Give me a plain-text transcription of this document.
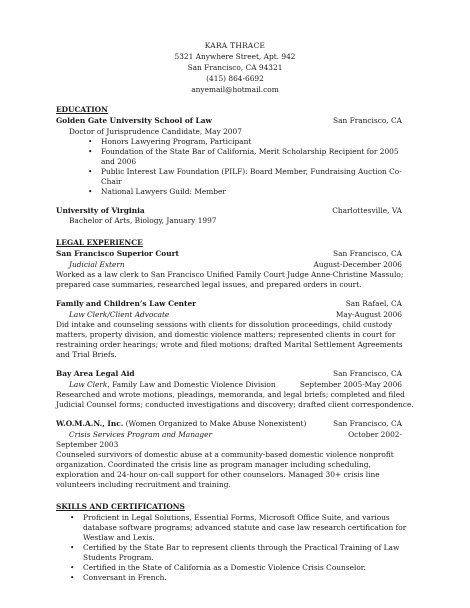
KARA THRACE
5321 Anywhere Street, Apt. 942
San Francisco, CA 94321
(415) 864-6692
anyemail@hotmail.com
EDUCATION
Golden Gate University School of Law	San Francisco, CA
Doctor of Jurisprudence Candidate, May 2007
• Honors Lawyering Program, Participant
• Foundation of the State Bar of California, Merit Scholarship Recipient for 2005 and 2006
• Public Interest Law Foundation (PILF): Board Member, Fundraising Auction Co-Chair
• National Lawyers Guild: Member
University of Virginia	Charlottesville, VA
Bachelor of Arts, Biology, January 1997
LEGAL EXPERIENCE
San Francisco Superior Court	San Francisco, CA
Judicial Extern	August-December 2006
Worked as a law clerk to San Francisco Unified Family Court Judge Anne-Christine Massulo; prepared case summaries, researched legal issues, and prepared orders in court.
Family and Children’s Law Center	San Rafael, CA
Law Clerk/Client Advocate	May-August 2006
Did intake and counseling sessions with clients for dissolution proceedings, child custody matters, property division, and domestic violence matters; represented clients in court for restraining order hearings; wrote and filed motions; drafted Marital Settlement Agreements and Trial Briefs.
Bay Area Legal Aid	San Francisco, CA
Law Clerk, Family Law and Domestic Violence Division	September 2005-May 2006
Researched and wrote motions, pleadings, memoranda, and legal briefs; completed and filed Judicial Counsel forms; conducted investigations and discovery; drafted client correspondence.
W.O.M.A.N., Inc. (Women Organized to Make Abuse Nonexistent)	San Francisco, CA
Crisis Services Program and Manager	October 2002-
September 2003
Counseled survivors of domestic abuse at a community-based domestic violence nonprofit organization. Coordinated the crisis line as program manager including scheduling, exploration and 24-hour on-call support for other counselors. Managed 30+ crisis line volunteers including recruitment and training.
SKILLS AND CERTIFICATIONS
• Proficient in Legal Solutions, Essential Forms, Microsoft Office Suite, and various database software programs; advanced statute and case law research certification for Westlaw and Lexis.
• Certified by the State Bar to represent clients through the Practical Training of Law Students Program.
• Certified in the State of California as a Domestic Violence Crisis Counselor.
• Conversant in French.
